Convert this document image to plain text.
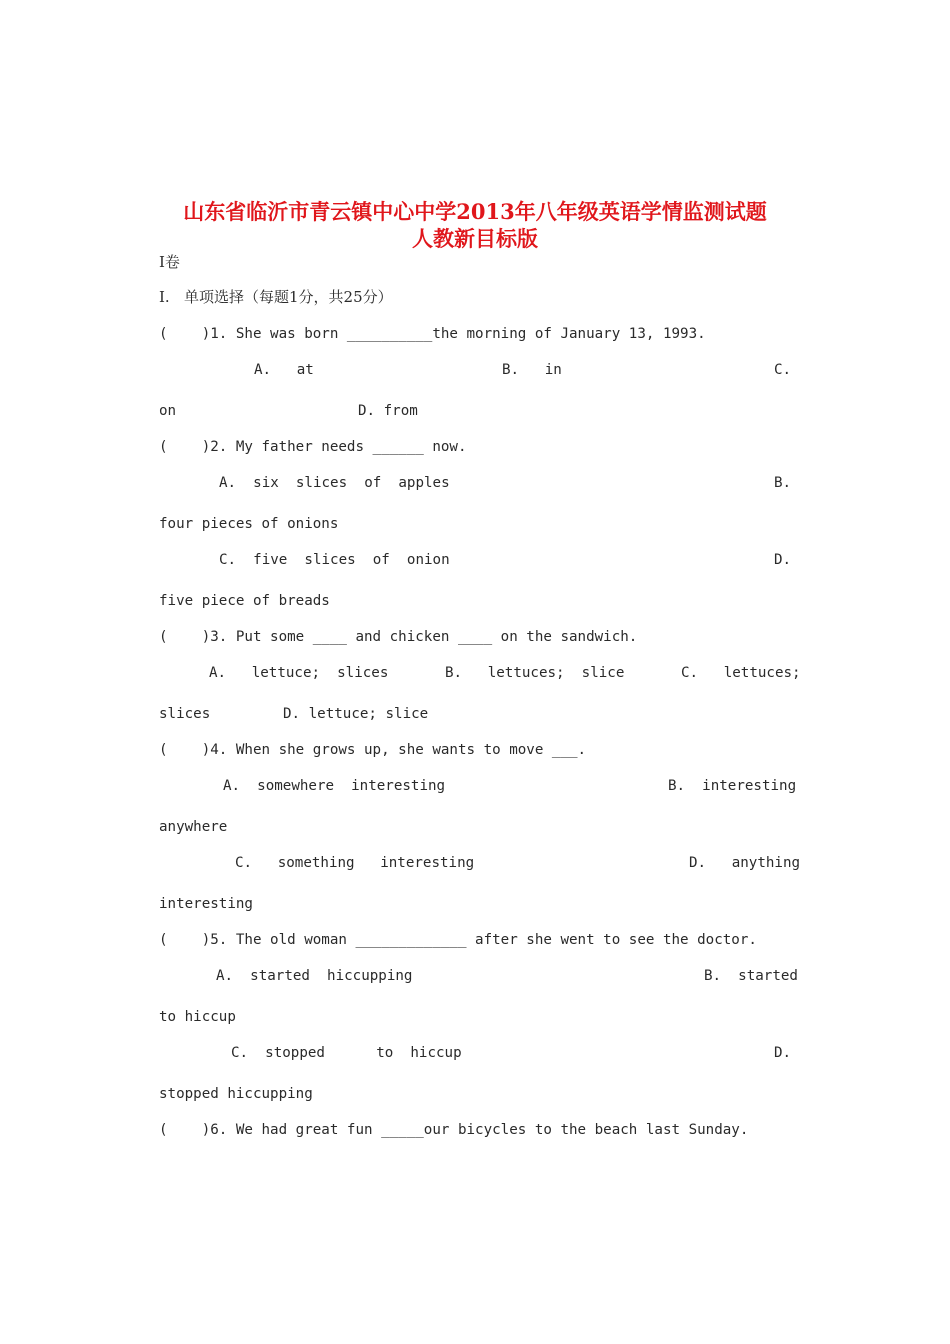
山东省临沂市青云镇中心中学2013年八年级英语学情监测试题
人教新目标版
I卷
I.   单项选择（每题1分，共25分）
(    )1. She was born __________the morning of January 13, 1993.
A.   at	B.   in	C.
on	D. from
(    )2. My father needs ______ now.
A.  six  slices  of  apples	B.
four pieces of onions
C.  five  slices  of  onion	D.
five piece of breads
(    )3. Put some ____ and chicken ____ on the sandwich.
A.   lettuce;  slices	B.   lettuces;  slice	C.   lettuces;
slices	D. lettuce; slice
(    )4. When she grows up, she wants to move ___.
A.  somewhere  interesting	B.  interesting
anywhere
C.   something   interesting	D.   anything
interesting
(    )5. The old woman _____________ after she went to see the doctor.
A.  started  hiccupping	B.  started
to hiccup
C.  stopped      to  hiccup	D.
stopped hiccupping
(    )6. We had great fun _____our bicycles to the beach last Sunday.
